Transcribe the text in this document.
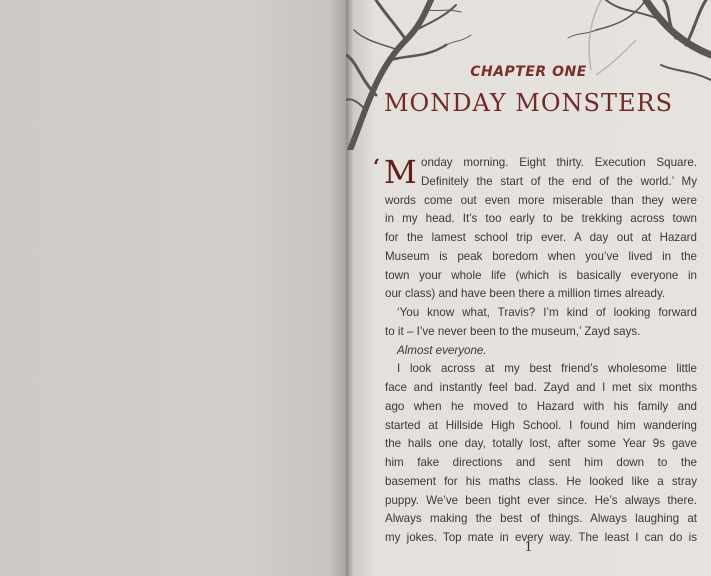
CHAPTER ONE
MONDAY MONSTERS
‘ M onday morning. Eight thirty. Execution Square.
Definitely the start of the end of the world.’ My
words come out even more miserable than they were
in my head. It’s too early to be trekking across town
for the lamest school trip ever. A day out at Hazard
Museum is peak boredom when you’ve lived in the
town your whole life (which is basically everyone in
our class) and have been there a million times already.
‘You know what, Travis? I’m kind of looking forward
to it – I’ve never been to the museum,’ Zayd says.
Almost everyone.
I look across at my best friend’s wholesome little
face and instantly feel bad. Zayd and I met six months
ago when he moved to Hazard with his family and
started at Hillside High School. I found him wandering
the halls one day, totally lost, after some Year 9s gave
him fake directions and sent him down to the
basement for his maths class. He looked like a stray
puppy. We’ve been tight ever since. He’s always there.
Always making the best of things. Always laughing at
my jokes. Top mate in every way. The least I can do is
1
